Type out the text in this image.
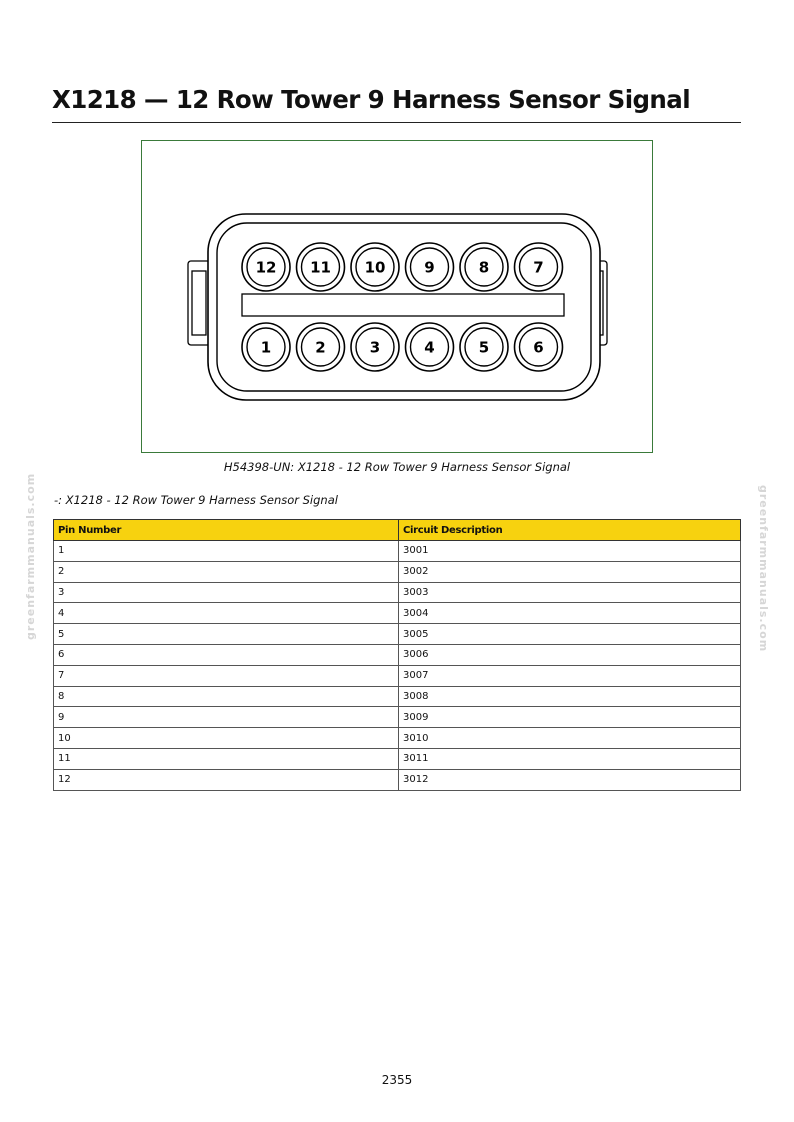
X1218 — 12 Row Tower 9 Harness Sensor Signal
12 11 10	9	8	7
1	2	3	4	5	6
H54398-UN: X1218 - 12 Row Tower 9 Harness Sensor Signal
-: X1218 - 12 Row Tower 9 Harness Sensor Signal
Pin Number	Circuit Description
1	3001
2	3002
3	3003
4	3004
5	3005
6	3006
7	3007
8	3008
9	3009
10	3010
11	3011
12	3012
greenfarmmanuals.com	greenfarmmanuals.com
2355
